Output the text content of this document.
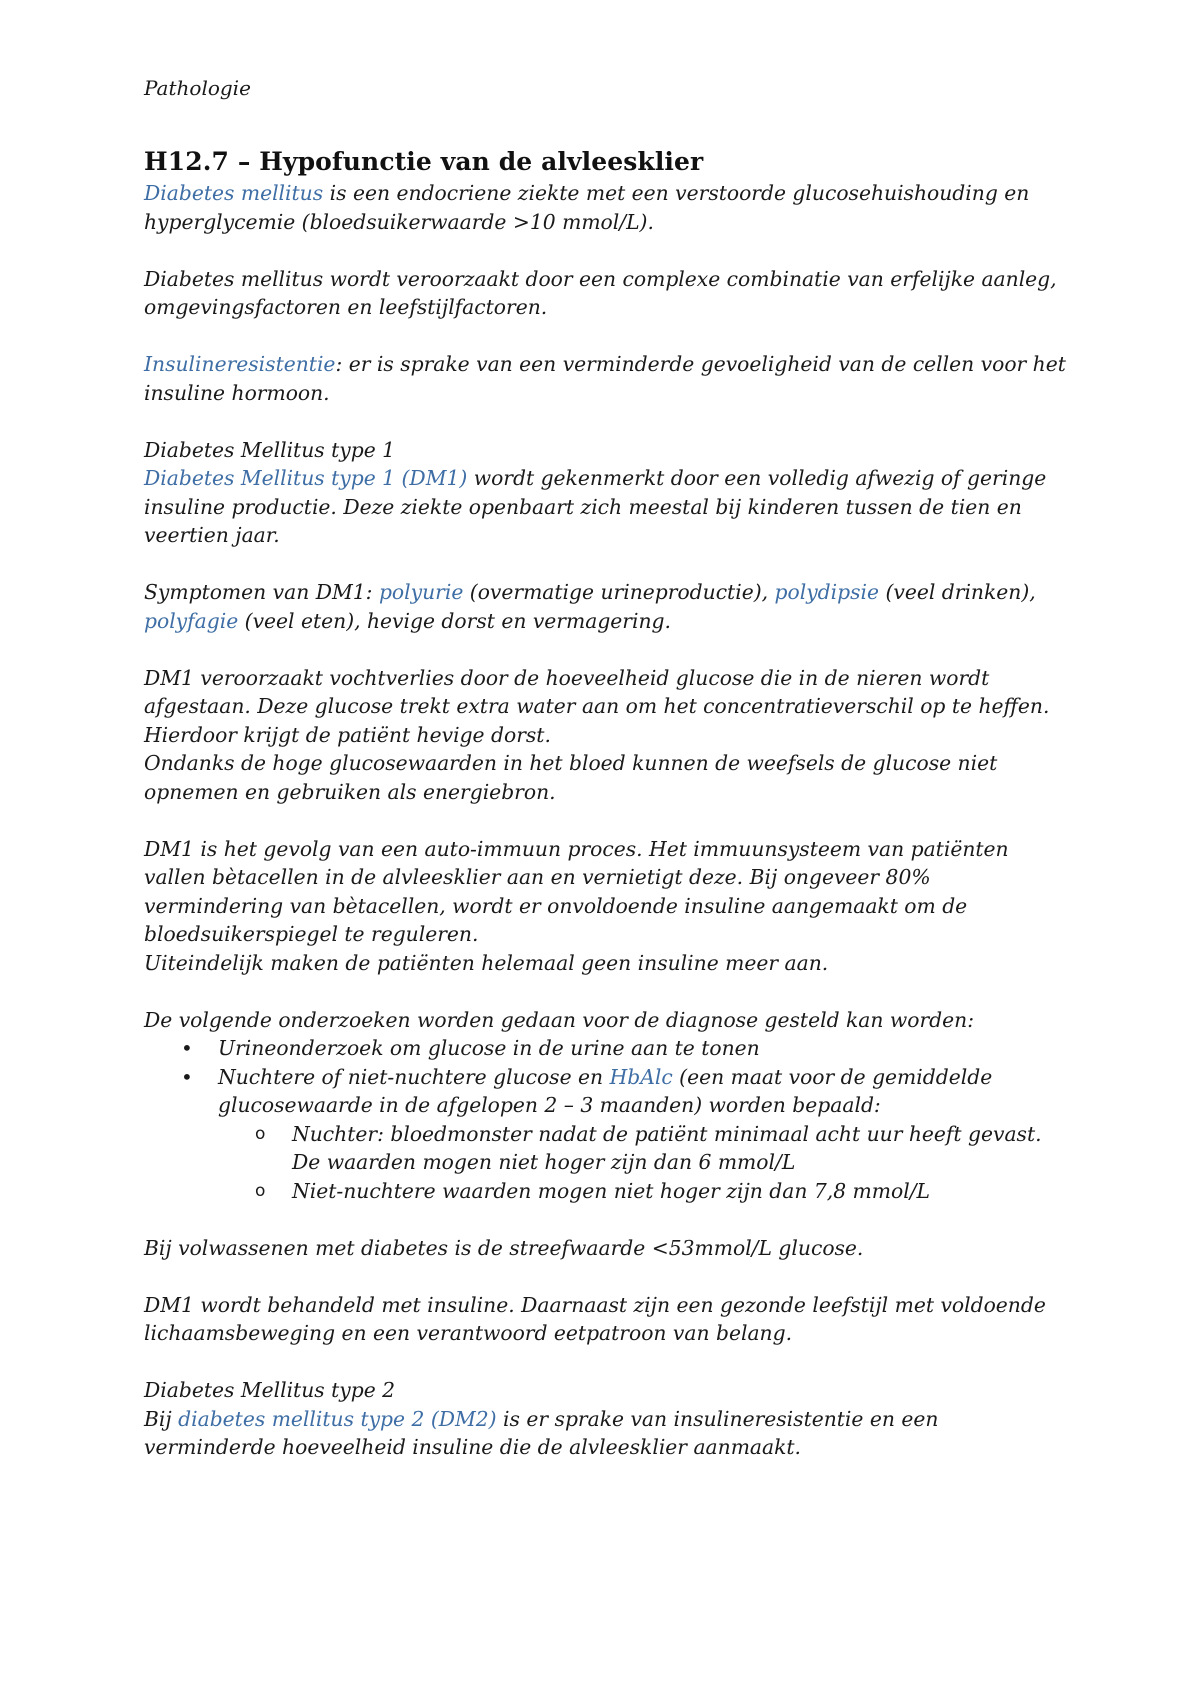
Pathologie
H12.7 – Hypofunctie van de alvleesklier

Diabetes mellitus is een endocriene ziekte met een verstoorde glucosehuishouding en hyperglycemie (bloedsuikerwaarde >10 mmol/L).

Diabetes mellitus wordt veroorzaakt door een complexe combinatie van erfelijke aanleg, omgevingsfactoren en leefstijlfactoren.

Insulineresistentie: er is sprake van een verminderde gevoeligheid van de cellen voor het insuline hormoon.

Diabetes Mellitus type 1

Diabetes Mellitus type 1 (DM1) wordt gekenmerkt door een volledig afwezig of geringe insuline productie. Deze ziekte openbaart zich meestal bij kinderen tussen de tien en veertien jaar.

Symptomen van DM1: polyurie (overmatige urineproductie), polydipsie (veel drinken), polyfagie (veel eten), hevige dorst en vermagering.

DM1 veroorzaakt vochtverlies door de hoeveelheid glucose die in de nieren wordt afgestaan. Deze glucose trekt extra water aan om het concentratieverschil op te heffen. Hierdoor krijgt de patiënt hevige dorst.

Ondanks de hoge glucosewaarden in het bloed kunnen de weefsels de glucose niet opnemen en gebruiken als energiebron.

DM1 is het gevolg van een auto-immuun proces. Het immuunsysteem van patiënten vallen bètacellen in de alvleesklier aan en vernietigt deze. Bij ongeveer 80% vermindering van bètacellen, wordt er onvoldoende insuline aangemaakt om de bloedsuikerspiegel te reguleren.

Uiteindelijk maken de patiënten helemaal geen insuline meer aan.

De volgende onderzoeken worden gedaan voor de diagnose gesteld kan worden:

• Urineonderzoek om glucose in de urine aan te tonen
• Nuchtere of niet-nuchtere glucose en HbAlc (een maat voor de gemiddelde glucosewaarde in de afgelopen 2 – 3 maanden) worden bepaald:
o Nuchter: bloedmonster nadat de patiënt minimaal acht uur heeft gevast. De waarden mogen niet hoger zijn dan 6 mmol/L
o Niet-nuchtere waarden mogen niet hoger zijn dan 7,8 mmol/L

Bij volwassenen met diabetes is de streefwaarde <53mmol/L glucose.

DM1 wordt behandeld met insuline. Daarnaast zijn een gezonde leefstijl met voldoende lichaamsbeweging en een verantwoord eetpatroon van belang.

Diabetes Mellitus type 2

Bij diabetes mellitus type 2 (DM2) is er sprake van insulineresistentie en een verminderde hoeveelheid insuline die de alvleesklier aanmaakt.
